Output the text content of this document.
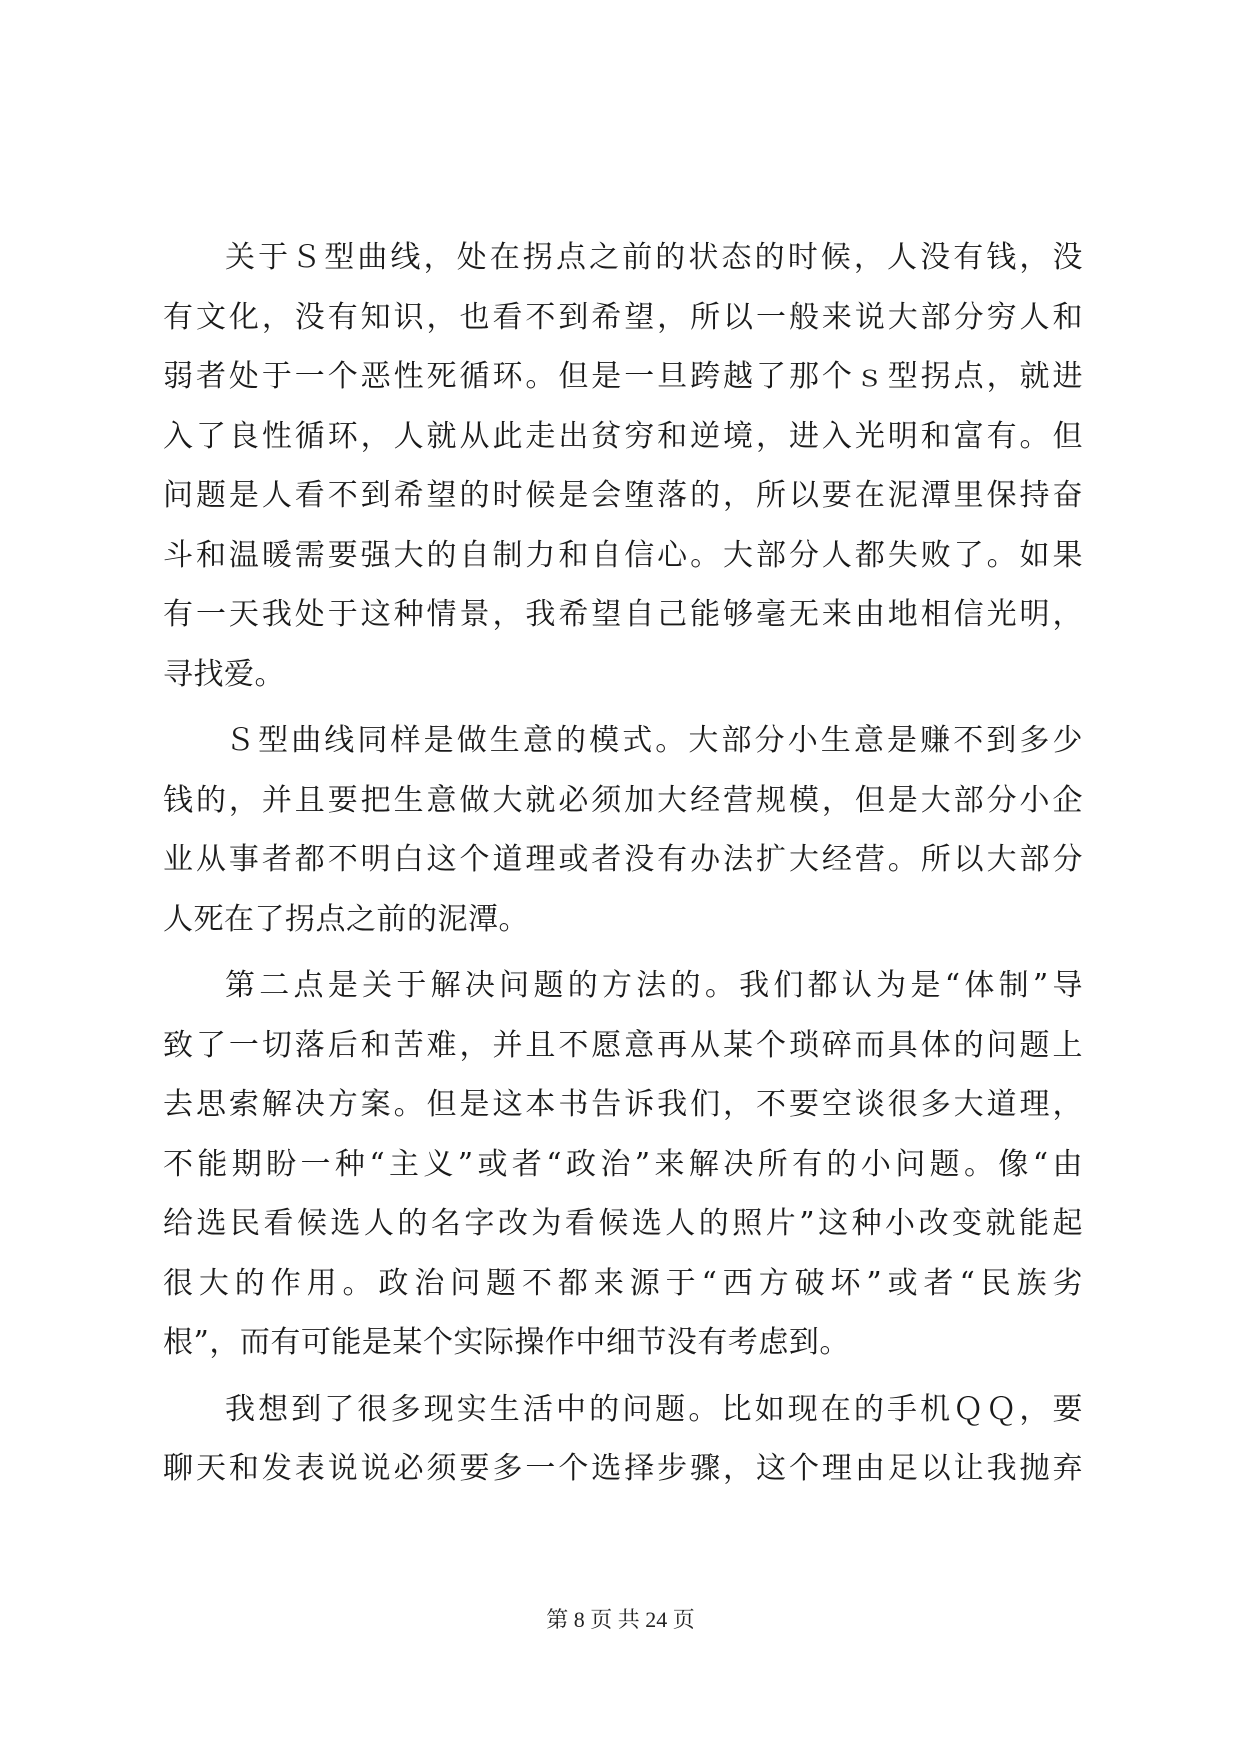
关于Ｓ型曲线，处在拐点之前的状态的时候，人没有钱，没
有文化，没有知识，也看不到希望，所以一般来说大部分穷人和
弱者处于一个恶性死循环。但是一旦跨越了那个ｓ型拐点，就进
入了良性循环，人就从此走出贫穷和逆境，进入光明和富有。但
问题是人看不到希望的时候是会堕落的，所以要在泥潭里保持奋
斗和温暖需要强大的自制力和自信心。大部分人都失败了。如果
有一天我处于这种情景，我希望自己能够毫无来由地相信光明，
寻找爱。
Ｓ型曲线同样是做生意的模式。大部分小生意是赚不到多少
钱的，并且要把生意做大就必须加大经营规模，但是大部分小企
业从事者都不明白这个道理或者没有办法扩大经营。所以大部分
人死在了拐点之前的泥潭。
第二点是关于解决问题的方法的。我们都认为是“体制”导
致了一切落后和苦难，并且不愿意再从某个琐碎而具体的问题上
去思索解决方案。但是这本书告诉我们，不要空谈很多大道理，
不能期盼一种“主义”或者“政治”来解决所有的小问题。像“由
给选民看候选人的名字改为看候选人的照片”这种小改变就能起
很大的作用。政治问题不都来源于“西方破坏”或者“民族劣
根”，而有可能是某个实际操作中细节没有考虑到。
我想到了很多现实生活中的问题。比如现在的手机ＱＱ，要
聊天和发表说说必须要多一个选择步骤，这个理由足以让我抛弃
第 8 页 共 24 页
